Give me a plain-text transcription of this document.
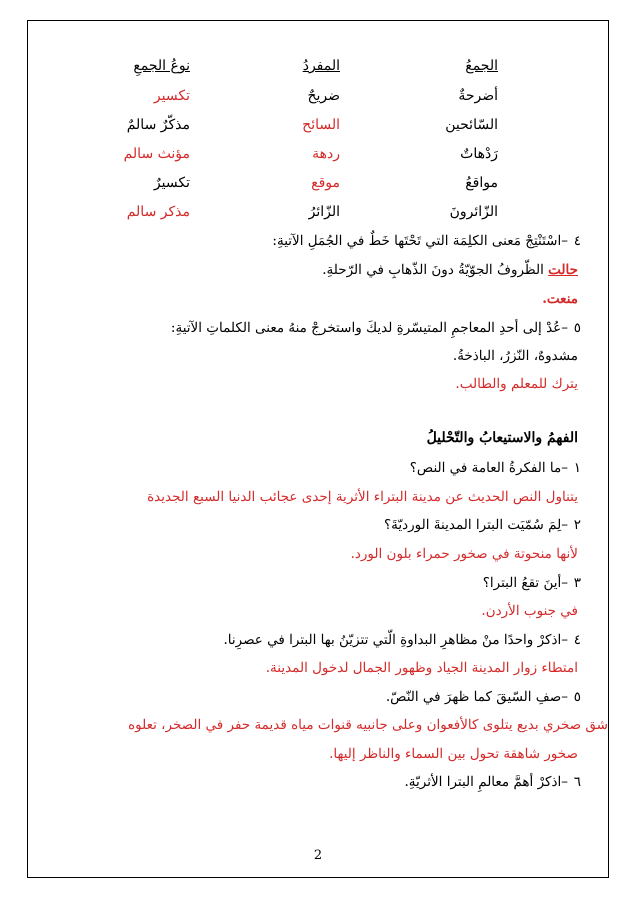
الجمعُ
المفردُ
نوعُ الجمعِ
أضرحةٌ
ضريحٌ
تكسير
السّائحين
السائح
مذكّرٌ سالمٌ
رَدْهاتٌ
ردهة
مؤنث سالم
مواقعُ
موقع
تكسيرٌ
الزّائرونَ
الزّائرُ
مذكر سالم
٤
–اسْتَنْتِجْ مَعنى الكلِمَة التي تَحْتَها خَطٌ في الجُمَلِ الآتيةِ:
حالت الظّروفُ الجوّيّةُ دونَ الذّهابِ في الرّحلةِ.
منعت.
٥
–عُدْ إلى أحدِ المعاجمِ المتيسّرةِ لديكَ واستخرجْ منهُ معنى الكلماتِ الآتيةِ:
مشدوهٌ، النّزرُ، الباذخةُ.
يترك للمعلم والطالب.
الفهمُ والاستيعابُ والتّحْليلُ
١
–ما الفكرةُ العامة في النص؟
يتناول النص الحديث عن مدينة البتراء الأثرية إحدى عجائب الدنيا السبع الجديدة
٢
–لِمَ سُمّيَت البترا المدينةَ الورديّةَ؟
لأنها منحوتة في صخور حمراء بلون الورد.
٣
–أينَ تقعُ البترا؟
في جنوب الأردن.
٤
–اذكرْ واحدًا منْ مظاهرِ البداوةِ الّتي تتزيّنُ بها البترا في عصرِنا.
امتطاء زوار المدينة الجياد وظهور الجمال لدخول المدينة.
٥
–صفِ السّيقَ كما ظهرَ في النّصّ.
شق صخري بديع يتلوى كالأفعوان وعلى جانبيه قنوات مياه قديمة حفر في الصخر، تعلوه
صخور شاهقة تحول بين السماء والناظر إليها.
٦
–اذكرْ أهمَّ معالمِ البترا الأثريّةِ.
2
